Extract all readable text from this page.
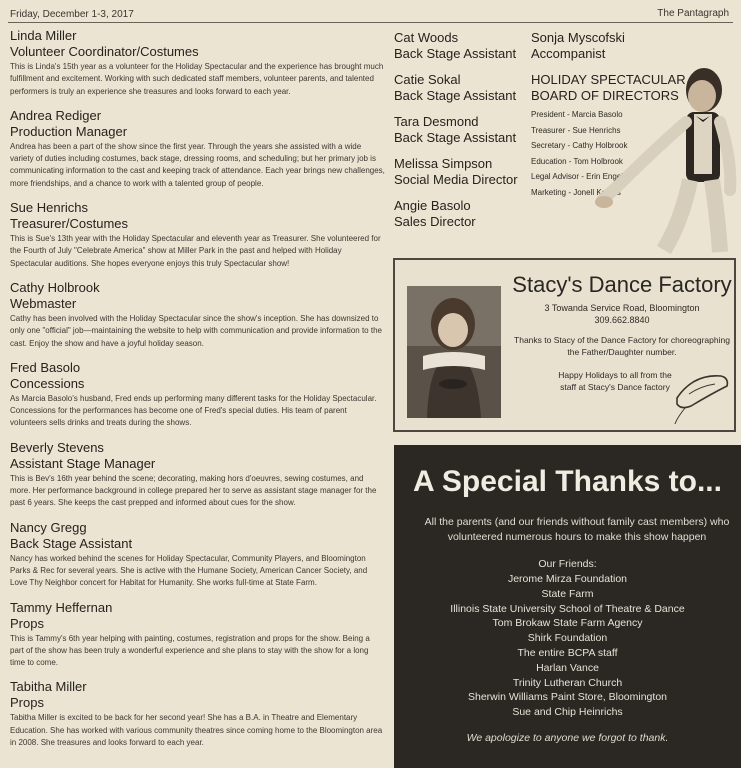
Friday, December 1-3, 2017	The Pantagraph
Linda Miller
Volunteer Coordinator/Costumes
This is Linda's 15th year as a volunteer for the Holiday Spectacular and the experience has brought much fulfillment and excitement. Working with such dedicated staff members, volunteer parents, and talented performers is truly an experience she treasures and looks forward to each year.
Andrea Rediger
Production Manager
Andrea has been a part of the show since the first year. Through the years she assisted with a wide variety of duties including costumes, back stage, dressing rooms, and scheduling; but her primary job is communicating information to the cast and keeping track of attendance. Each year brings new challenges, more friendships, and a chance to work with a talented group of people.
Sue Henrichs
Treasurer/Costumes
This is Sue's 13th year with the Holiday Spectacular and eleventh year as Treasurer. She volunteered for the Fourth of July "Celebrate America" show at Miller Park in the past and helped with Holiday Spectacular auditions. She hopes everyone enjoys this truly Spectacular show!
Cathy Holbrook
Webmaster
Cathy has been involved with the Holiday Spectacular since the show's inception. She has downsized to only one "official" job—maintaining the website to help with communication and provide information to the cast. Enjoy the show and have a joyful holiday season.
Fred Basolo
Concessions
As Marcia Basolo's husband, Fred ends up performing many different tasks for the Holiday Spectacular. Concessions for the performances has become one of Fred's special duties. His team of parent volunteers sells drinks and treats during the shows.
Beverly Stevens
Assistant Stage Manager
This is Bev's 16th year behind the scene; decorating, making hors d'oeuvres, sewing costumes, and more. Her performance background in college prepared her to serve as assistant stage manager for the past 6 years. She keeps the cast prepped and informed about cues for the show.
Nancy Gregg
Back Stage Assistant
Nancy has worked behind the scenes for Holiday Spectacular, Community Players, and Bloomington Parks & Rec for several years. She is active with the Humane Society, American Cancer Society, and Love Thy Neighbor concert for Habitat for Humanity. She works full-time at State Farm.
Tammy Heffernan
Props
This is Tammy's 6th year helping with painting, costumes, registration and props for the show. Being a part of the show has been truly a wonderful experience and she plans to stay with the show for a long time to come.
Tabitha Miller
Props
Tabitha Miller is excited to be back for her second year! She has a B.A. in Theatre and Elementary Education. She has worked with various community theatres since coming home to the Bloomington area in 2008. She treasures and looks forward to each year.
Cat Woods
Back Stage Assistant
Catie Sokal
Back Stage Assistant
Tara Desmond
Back Stage Assistant
Melissa Simpson
Social Media Director
Angie Basolo
Sales Director
Sonja Myscofski
Accompanist
HOLIDAY SPECTACULAR
BOARD OF DIRECTORS
President - Marcia Basolo
Treasurer - Sue Henrichs
Secretary - Cathy Holbrook
Education - Tom Holbrook
Legal Advisor - Erin Engel
Marketing - Jonell Kehias
Stacy's Dance Factory
3 Towanda Service Road, Bloomington
309.662.8840
Thanks to Stacy of the Dance Factory for choreographing the Father/Daughter number.
Happy Holidays to all from the staff at Stacy's Dance factory
A Special Thanks to...
All the parents (and our friends without family cast members) who volunteered numerous hours to make this show happen
Our Friends:
Jerome Mirza Foundation
State Farm
Illinois State University School of Theatre & Dance
Tom Brokaw State Farm Agency
Shirk Foundation
The entire BCPA staff
Harlan Vance
Trinity Lutheran Church
Sherwin Williams Paint Store, Bloomington
Sue and Chip Heinrichs
We apologize to anyone we forgot to thank.
